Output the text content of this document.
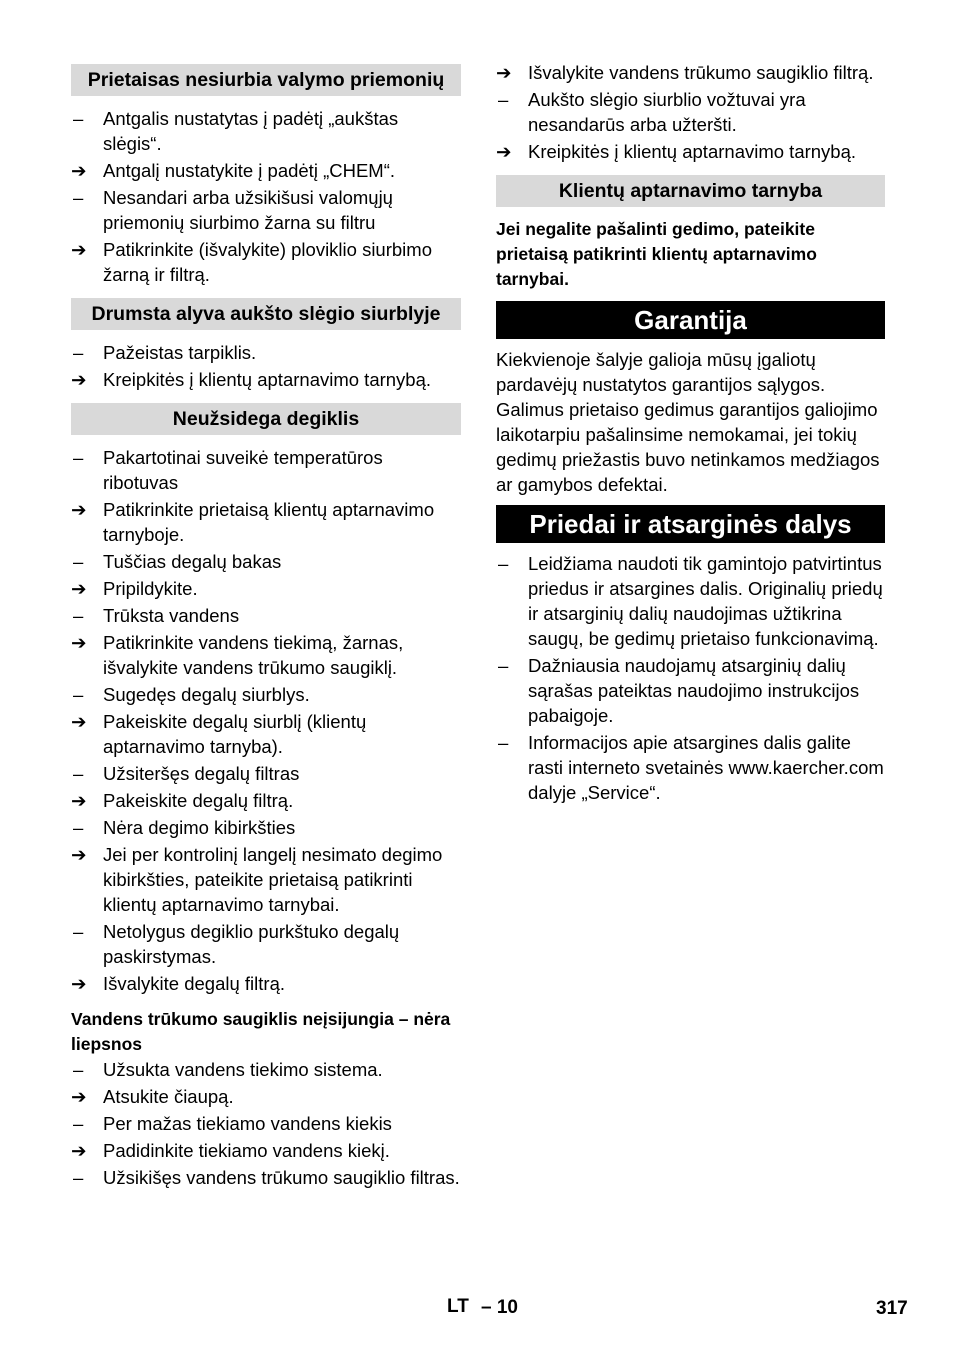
Prietaisas nesiurbia valymo priemonių
–	Antgalis nustatytas į padėtį „aukštas slėgis“.
➔ Antgalį nustatykite į padėtį „CHEM“.
–	Nesandari arba užsikišusi valomųjų priemonių siurbimo žarna su filtru
➔ Patikrinkite (išvalykite) ploviklio siurbimo žarną ir filtrą.
Drumsta alyva aukšto slėgio siurblyje
–	Pažeistas tarpiklis.
➔ Kreipkitės į klientų aptarnavimo tarnybą.
Neužsidega degiklis
–	Pakartotinai suveikė temperatūros ribotuvas
➔ Patikrinkite prietaisą klientų aptarnavimo tarnyboje.
–	Tuščias degalų bakas
➔ Pripildykite.
–	Trūksta vandens
➔ Patikrinkite vandens tiekimą, žarnas, išvalykite vandens trūkumo saugiklį.
–	Sugedęs degalų siurblys.
➔ Pakeiskite degalų siurblį (klientų aptarnavimo tarnyba).
–	Užsiteršęs degalų filtras
➔ Pakeiskite degalų filtrą.
–	Nėra degimo kibirkšties
➔ Jei per kontrolinį langelį nesimato degimo kibirkšties, pateikite prietaisą patikrinti klientų aptarnavimo tarnybai.
–	Netolygus degiklio purkštuko degalų paskirstymas.
➔ Išvalykite degalų filtrą.
Vandens trūkumo saugiklis neįsijungia – nėra liepsnos
–	Užsukta vandens tiekimo sistema.
➔ Atsukite čiaupą.
–	Per mažas tiekiamo vandens kiekis
➔ Padidinkite tiekiamo vandens kiekį.
–	Užsikišęs vandens trūkumo saugiklio filtras.
➔ Išvalykite vandens trūkumo saugiklio filtrą.
–	Aukšto slėgio siurblio vožtuvai yra nesandarūs arba užteršti.
➔ Kreipkitės į klientų aptarnavimo tarnybą.
Klientų aptarnavimo tarnyba
Jei negalite pašalinti gedimo, pateikite prietaisą patikrinti klientų aptarnavimo tarnybai.
Garantija
Kiekvienoje šalyje galioja mūsų įgaliotų pardavėjų nustatytos garantijos sąlygos. Galimus prietaiso gedimus garantijos galiojimo laikotarpiu pašalinsime nemokamai, jei tokių gedimų priežastis buvo netinkamos medžiagos ar gamybos defektai.
Priedai ir atsarginės dalys
–	Leidžiama naudoti tik gamintojo patvirtintus priedus ir atsargines dalis. Originalių priedų ir atsarginių dalių naudojimas užtikrina saugų, be gedimų prietaiso funkcionavimą.
–	Dažniausia naudojamų atsarginių dalių sąrašas pateiktas naudojimo instrukcijos pabaigoje.
–	Informacijos apie atsargines dalis galite rasti interneto svetainės www.kaercher.com dalyje „Service“.
LT – 10	317
